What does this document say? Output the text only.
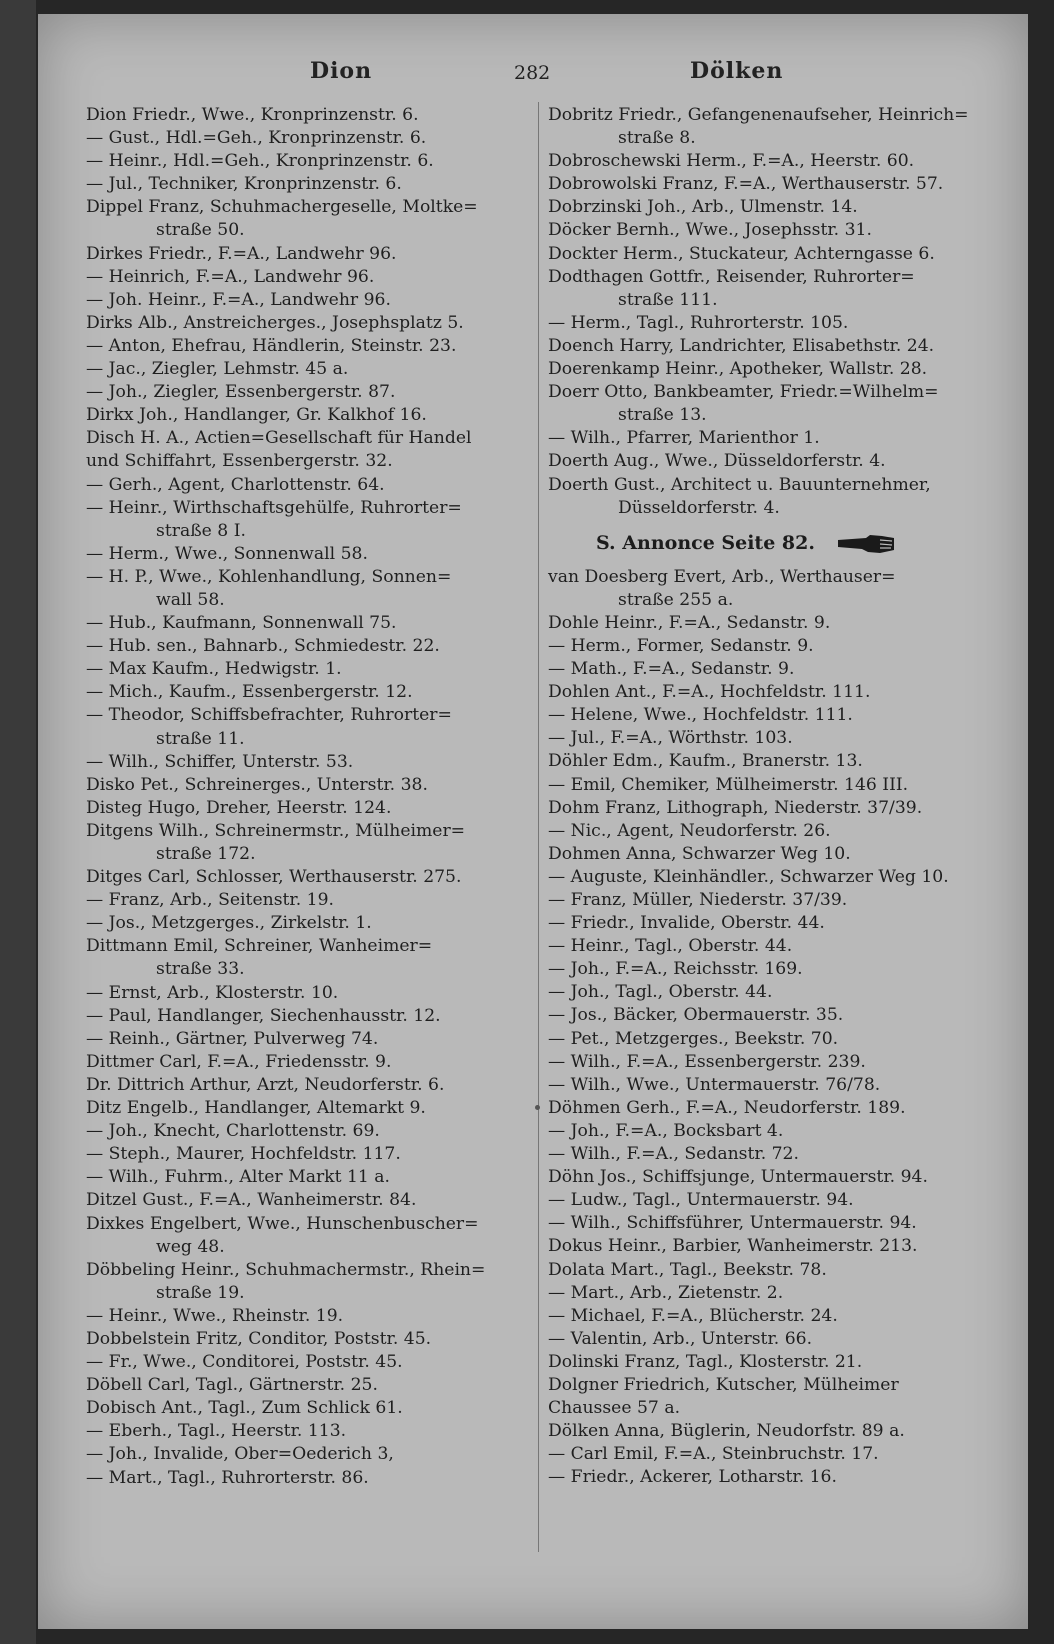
Dion	282	Dölken
Dion Friedr., Wwe., Kronprinzenstr. 6.
— Gust., Hdl.=Geh., Kronprinzenstr. 6.
— Heinr., Hdl.=Geh., Kronprinzenstr. 6.
— Jul., Techniker, Kronprinzenstr. 6.
Dippel Franz, Schuhmachergeselle, Moltke=
straße 50.
Dirkes Friedr., F.=A., Landwehr 96.
— Heinrich, F.=A., Landwehr 96.
— Joh. Heinr., F.=A., Landwehr 96.
Dirks Alb., Anstreicherges., Josephsplatz 5.
— Anton, Ehefrau, Händlerin, Steinstr. 23.
— Jac., Ziegler, Lehmstr. 45 a.
— Joh., Ziegler, Essenbergerstr. 87.
Dirkx Joh., Handlanger, Gr. Kalkhof 16.
Disch H. A., Actien=Gesellschaft für Handel
und Schiffahrt, Essenbergerstr. 32.
— Gerh., Agent, Charlottenstr. 64.
— Heinr., Wirthschaftsgehülfe, Ruhrorter=
straße 8 I.
— Herm., Wwe., Sonnenwall 58.
— H. P., Wwe., Kohlenhandlung, Sonnen=
wall 58.
— Hub., Kaufmann, Sonnenwall 75.
— Hub. sen., Bahnarb., Schmiedestr. 22.
— Max Kaufm., Hedwigstr. 1.
— Mich., Kaufm., Essenbergerstr. 12.
— Theodor, Schiffsbefrachter, Ruhrorter=
straße 11.
— Wilh., Schiffer, Unterstr. 53.
Disko Pet., Schreinerges., Unterstr. 38.
Disteg Hugo, Dreher, Heerstr. 124.
Ditgens Wilh., Schreinermstr., Mülheimer=
straße 172.
Ditges Carl, Schlosser, Werthauserstr. 275.
— Franz, Arb., Seitenstr. 19.
— Jos., Metzgerges., Zirkelstr. 1.
Dittmann Emil, Schreiner, Wanheimer=
straße 33.
— Ernst, Arb., Klosterstr. 10.
— Paul, Handlanger, Siechenhausstr. 12.
— Reinh., Gärtner, Pulverweg 74.
Dittmer Carl, F.=A., Friedensstr. 9.
Dr. Dittrich Arthur, Arzt, Neudorferstr. 6.
Ditz Engelb., Handlanger, Altemarkt 9.
— Joh., Knecht, Charlottenstr. 69.
— Steph., Maurer, Hochfeldstr. 117.
— Wilh., Fuhrm., Alter Markt 11 a.
Ditzel Gust., F.=A., Wanheimerstr. 84.
Dixkes Engelbert, Wwe., Hunschenbuscher=
weg 48.
Döbbeling Heinr., Schuhmachermstr., Rhein=
straße 19.
— Heinr., Wwe., Rheinstr. 19.
Dobbelstein Fritz, Conditor, Poststr. 45.
— Fr., Wwe., Conditorei, Poststr. 45.
Döbell Carl, Tagl., Gärtnerstr. 25.
Dobisch Ant., Tagl., Zum Schlick 61.
— Eberh., Tagl., Heerstr. 113.
— Joh., Invalide, Ober=Oederich 3,
— Mart., Tagl., Ruhrorterstr. 86.
Dobritz Friedr., Gefangenenaufseher, Heinrich=
straße 8.
Dobroschewski Herm., F.=A., Heerstr. 60.
Dobrowolski Franz, F.=A., Werthauserstr. 57.
Dobrzinski Joh., Arb., Ulmenstr. 14.
Döcker Bernh., Wwe., Josephsstr. 31.
Dockter Herm., Stuckateur, Achterngasse 6.
Dodthagen Gottfr., Reisender, Ruhrorter=
straße 111.
— Herm., Tagl., Ruhrorterstr. 105.
Doench Harry, Landrichter, Elisabethstr. 24.
Doerenkamp Heinr., Apotheker, Wallstr. 28.
Doerr Otto, Bankbeamter, Friedr.=Wilhelm=
straße 13.
— Wilh., Pfarrer, Marienthor 1.
Doerth Aug., Wwe., Düsseldorferstr. 4.
Doerth Gust., Architect u. Bauunternehmer,
Düsseldorferstr. 4.
S. Annonce Seite 82.
van Doesberg Evert, Arb., Werthauser=
straße 255 a.
Dohle Heinr., F.=A., Sedanstr. 9.
— Herm., Former, Sedanstr. 9.
— Math., F.=A., Sedanstr. 9.
Dohlen Ant., F.=A., Hochfeldstr. 111.
— Helene, Wwe., Hochfeldstr. 111.
— Jul., F.=A., Wörthstr. 103.
Döhler Edm., Kaufm., Branerstr. 13.
— Emil, Chemiker, Mülheimerstr. 146 III.
Dohm Franz, Lithograph, Niederstr. 37/39.
— Nic., Agent, Neudorferstr. 26.
Dohmen Anna, Schwarzer Weg 10.
— Auguste, Kleinhändler., Schwarzer Weg 10.
— Franz, Müller, Niederstr. 37/39.
— Friedr., Invalide, Oberstr. 44.
— Heinr., Tagl., Oberstr. 44.
— Joh., F.=A., Reichsstr. 169.
— Joh., Tagl., Oberstr. 44.
— Jos., Bäcker, Obermauerstr. 35.
— Pet., Metzgerges., Beekstr. 70.
— Wilh., F.=A., Essenbergerstr. 239.
— Wilh., Wwe., Untermauerstr. 76/78.
Döhmen Gerh., F.=A., Neudorferstr. 189.
— Joh., F.=A., Bocksbart 4.
— Wilh., F.=A., Sedanstr. 72.
Döhn Jos., Schiffsjunge, Untermauerstr. 94.
— Ludw., Tagl., Untermauerstr. 94.
— Wilh., Schiffsführer, Untermauerstr. 94.
Dokus Heinr., Barbier, Wanheimerstr. 213.
Dolata Mart., Tagl., Beekstr. 78.
— Mart., Arb., Zietenstr. 2.
— Michael, F.=A., Blücherstr. 24.
— Valentin, Arb., Unterstr. 66.
Dolinski Franz, Tagl., Klosterstr. 21.
Dolgner Friedrich, Kutscher, Mülheimer
Chaussee 57 a.
Dölken Anna, Büglerin, Neudorfstr. 89 a.
— Carl Emil, F.=A., Steinbruchstr. 17.
— Friedr., Ackerer, Lotharstr. 16.
